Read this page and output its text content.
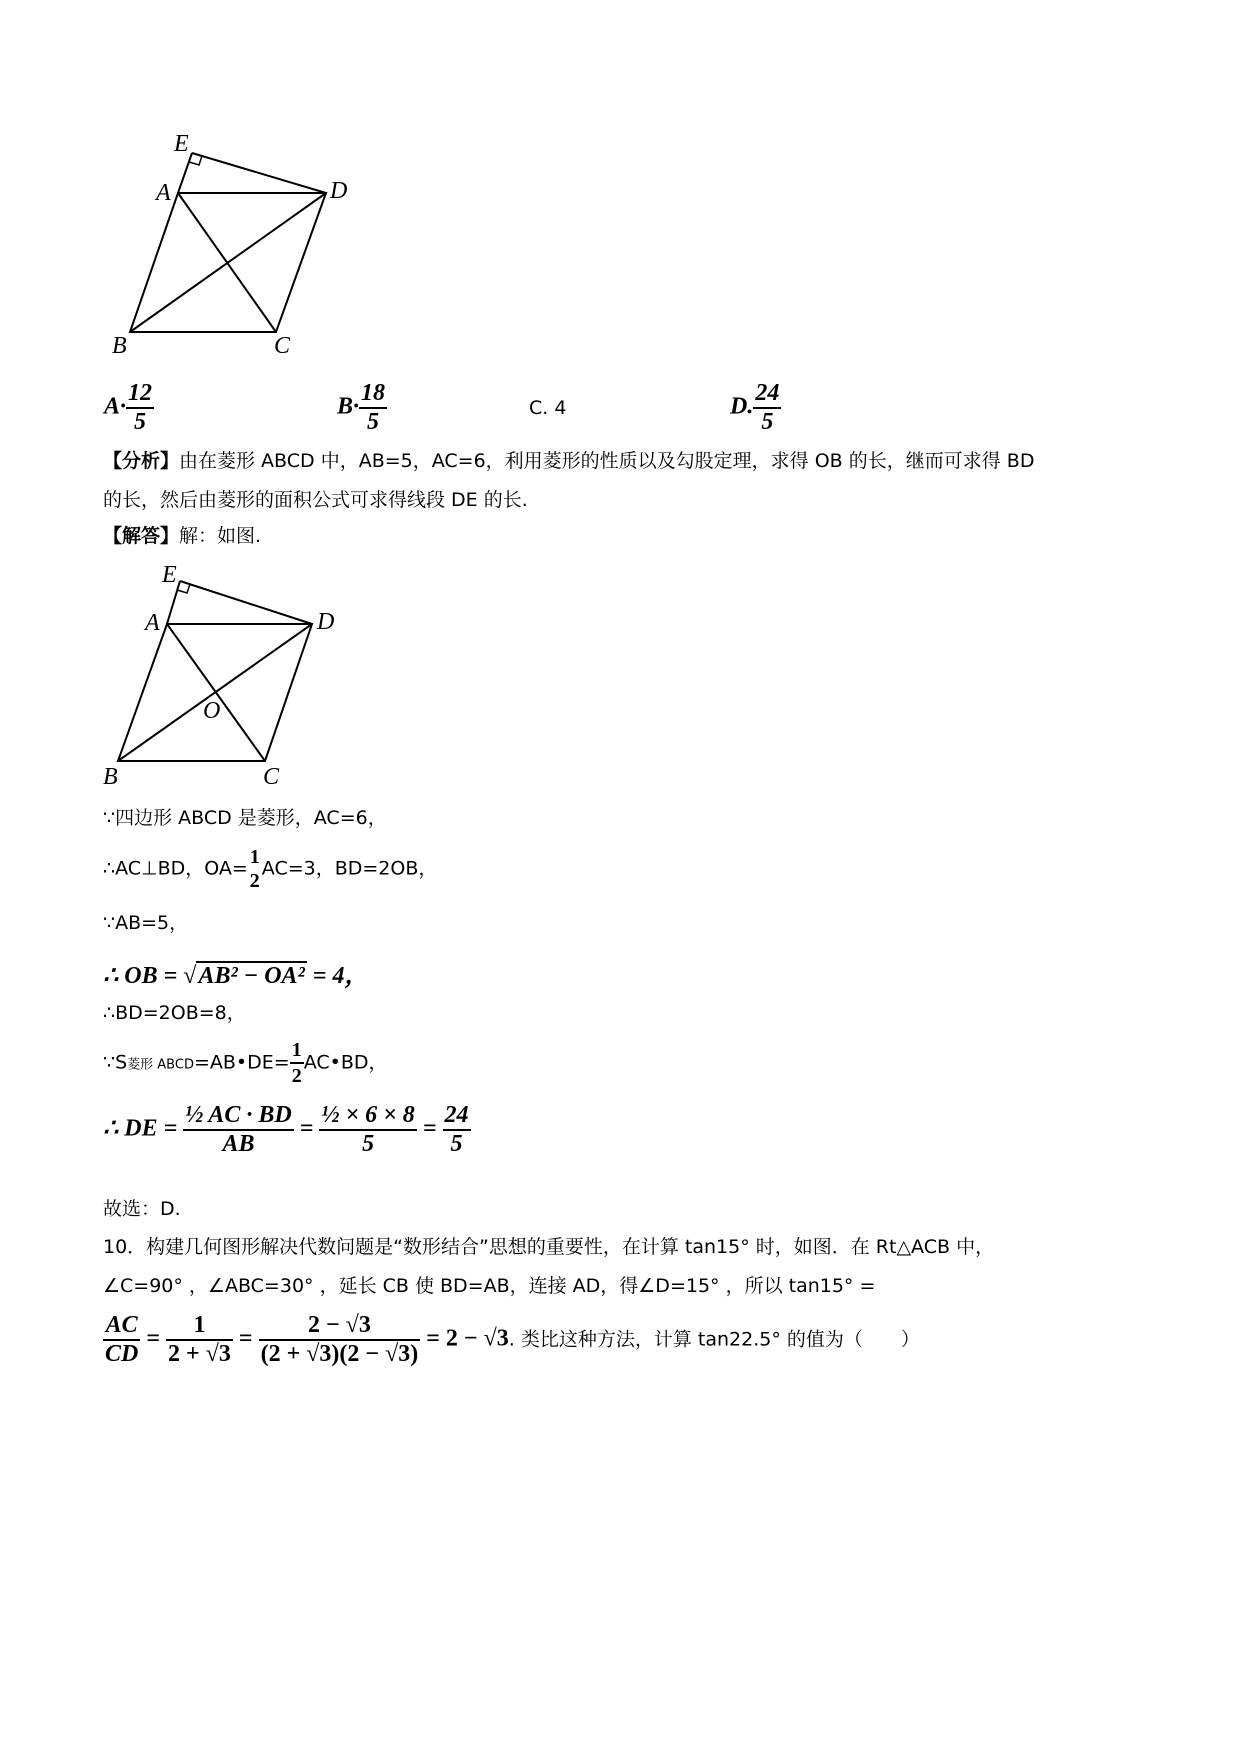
E
A	D
B	C
$A\cdot \frac{12}{5}$	$B\cdot \frac{18}{5}$	C. 4	D. $\frac{24}{5}$
【分析】由在菱形 ABCD 中，AB=5，AC=6，利用菱形的性质以及勾股定理，求得 OB 的长，继而可求得 BD
的长，然后由菱形的面积公式可求得线段 DE 的长.
【解答】解：如图.
E
A	D
O
B	C
∵四边形 ABCD 是菱形，AC=6，
∴AC⊥BD，OA=
1
2
AC=3，BD=2OB，
∵AB=5，
∴ OB = √AB² − OA² = 4，
∴BD=2OB=8，
∵S菱形 ABCD=AB•DE= $\frac{1}{2}$ AC•BD，
∴ DE = $\frac{\text{½ AC · BD}}{AB} = \frac{\text{½ × 6 × 8}}{5} = \frac{24}{5}$
故选：D.
10．构建几何图形解决代数问题是“数形结合”思想的重要性，在计算 tan15° 时，如图．在 Rt△ACB 中，
∠C=90° ，∠ABC=30° ，延长 CB 使 BD=AB，连接 AD，得∠D=15° ，所以 tan15° =
$\frac{AC}{CD} = \frac{1}{2 + √3} = \frac{2 - √3}{(2 + √3)(2 - √3)} = 2 - √3$. 类比这种方法，计算 tan22.5° 的值为（　　）
